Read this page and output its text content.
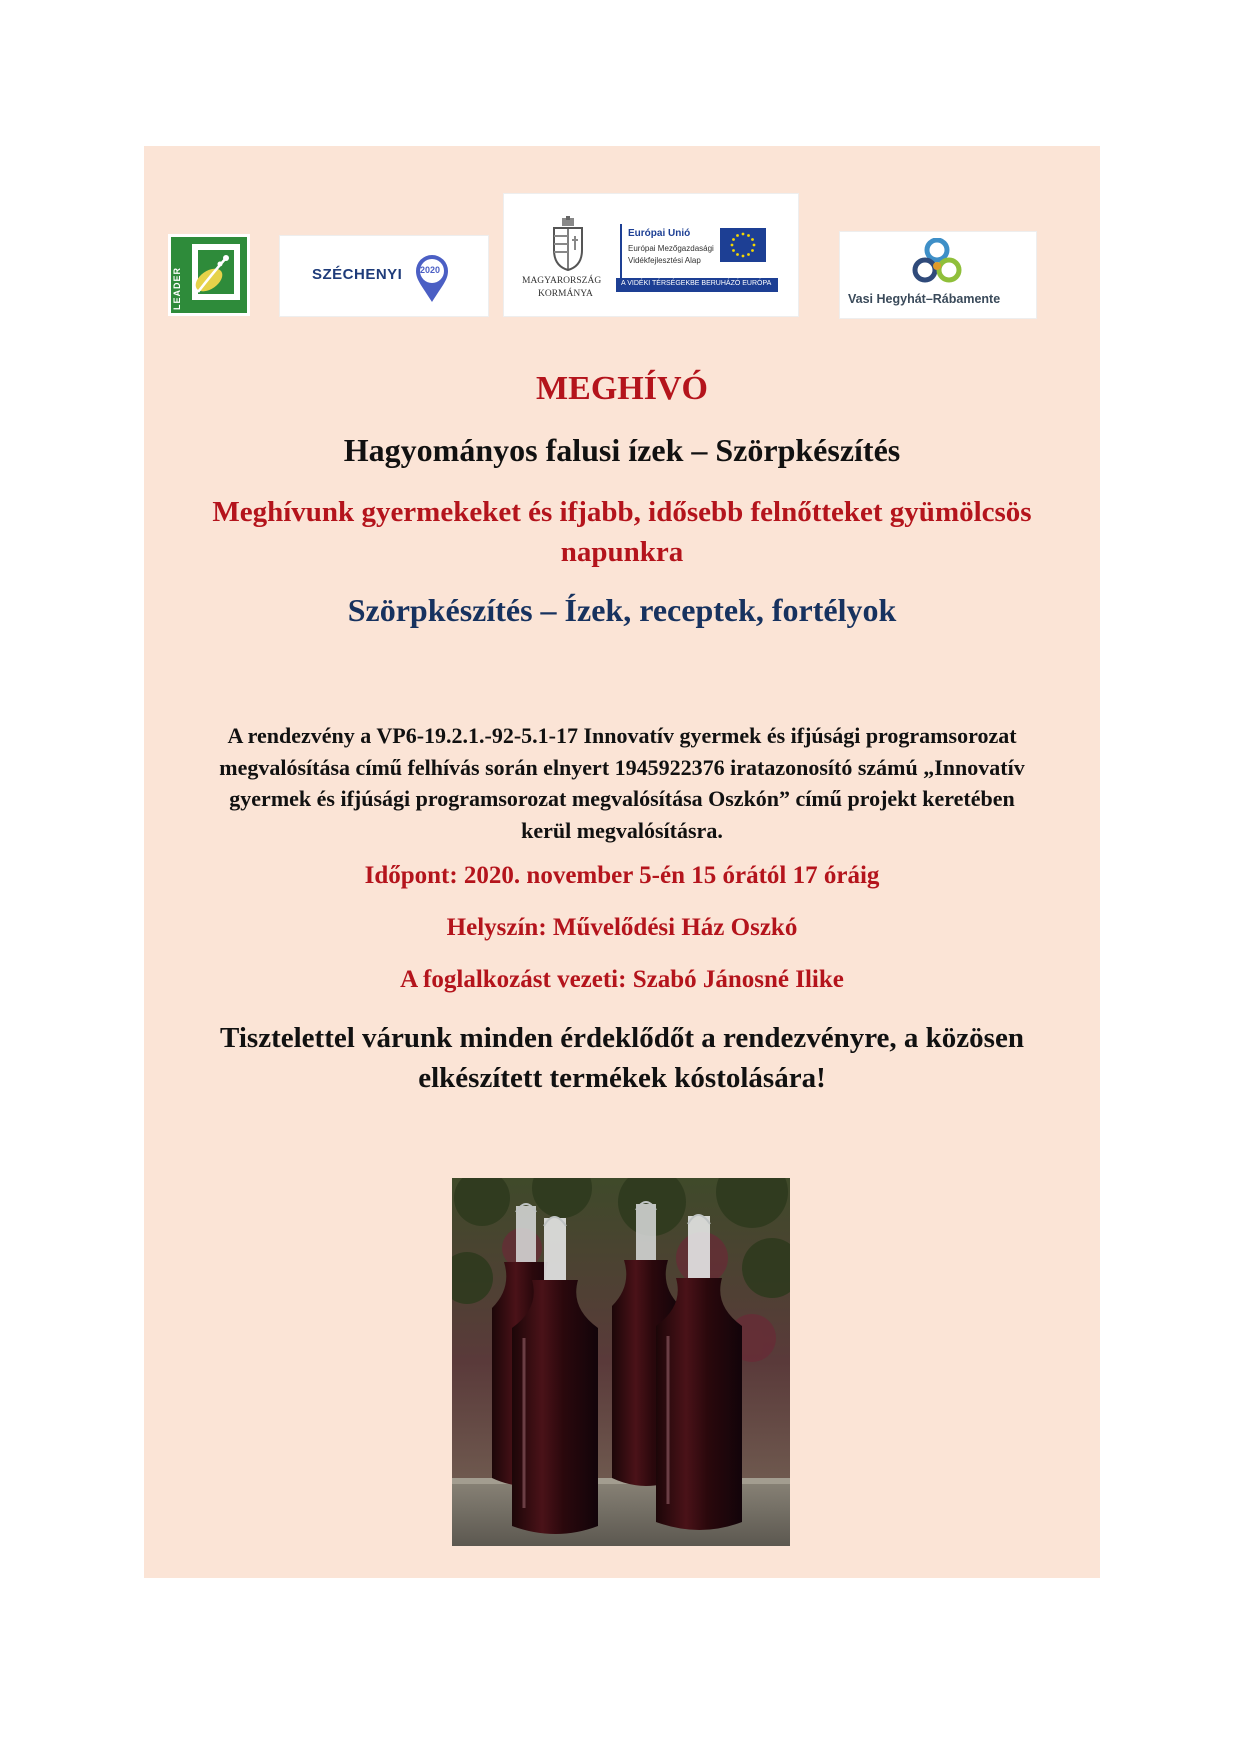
LEADER	SZÉCHENYI 2020
MAGYARORSZÁG
KORMÁNYA
Európai Unió
Európai Mezőgazdasági
Vidékfejlesztési Alap
A VIDÉKI TÉRSÉGEKBE BERUHÁZÓ EURÓPA
Vasi Hegyhát–Rábamente
MEGHÍVÓ
Hagyományos falusi ízek – Szörpkészítés
Meghívunk gyermekeket és ifjabb, idősebb felnőtteket gyümölcsös
napunkra
Szörpkészítés – Ízek, receptek, fortélyok
A rendezvény a VP6-19.2.1.-92-5.1-17 Innovatív gyermek és ifjúsági programsorozat
megvalósítása című felhívás során elnyert 1945922376 iratazonosító számú „Innovatív
gyermek és ifjúsági programsorozat megvalósítása Oszkón” című projekt keretében
kerül megvalósításra.
Időpont: 2020. november 5-én 15 órától 17 óráig
Helyszín: Művelődési Ház Oszkó
A foglalkozást vezeti: Szabó Jánosné Ilike
Tisztelettel várunk minden érdeklődőt a rendezvényre, a közösen
elkészített termékek kóstolására!
